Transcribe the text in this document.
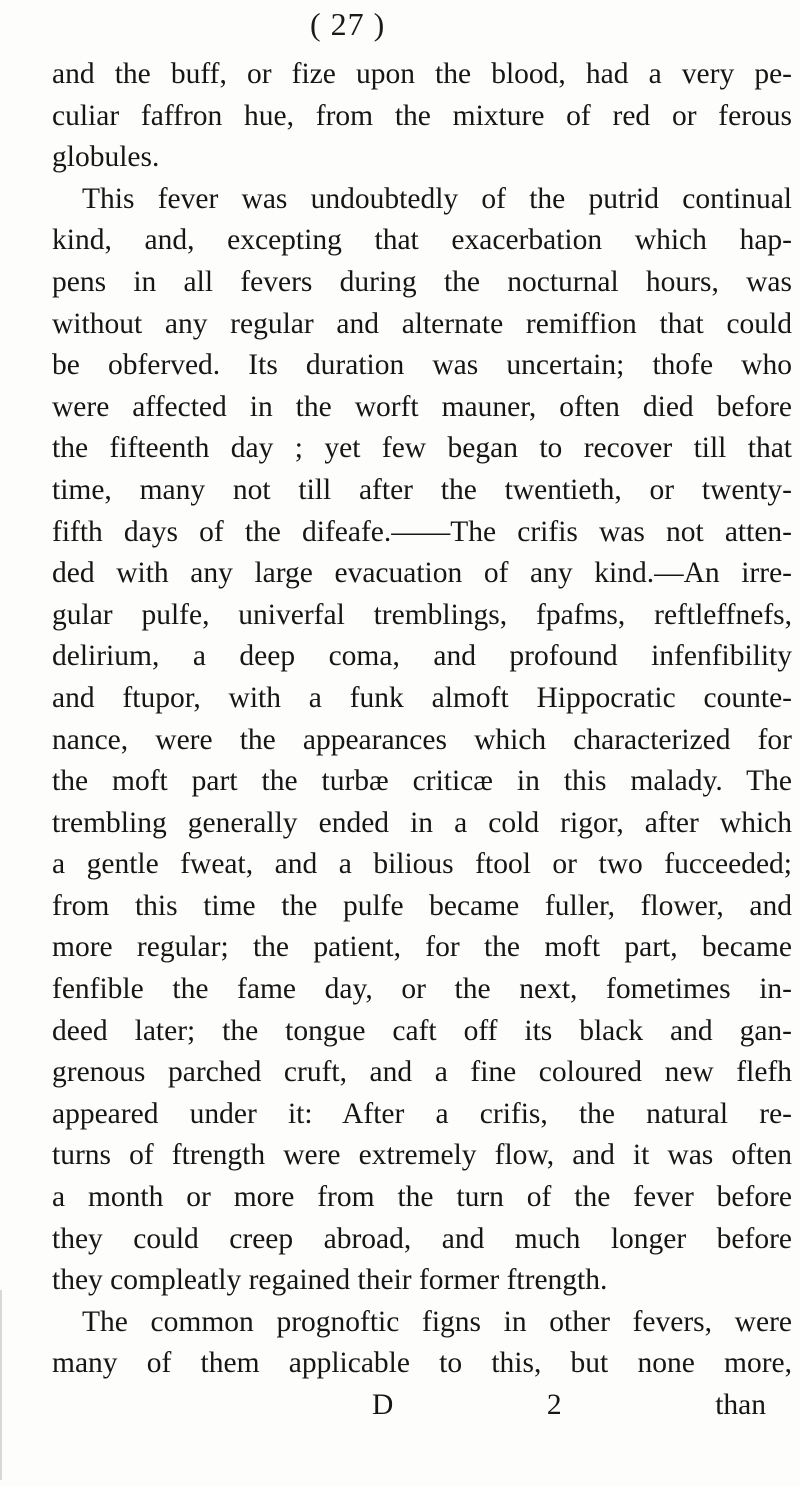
( 27 )
and the buff, or fize upon the blood, had a very pe-
culiar faffron hue, from the mixture of red or ferous
globules.
This fever was undoubtedly of the putrid continual
kind, and, excepting that exacerbation which hap-
pens in all fevers during the nocturnal hours, was
without any regular and alternate remiffion that could
be obferved. Its duration was uncertain; thofe who
were affected in the worft mauner, often died before
the fifteenth day ; yet few began to recover till that
time, many not till after the twentieth, or twenty-
fifth days of the difeafe.——The crifis was not atten-
ded with any large evacuation of any kind.—An irre-
gular pulfe, univerfal tremblings, fpafms, reftleffnefs,
delirium, a deep coma, and profound infenfibility
and ftupor, with a funk almoft Hippocratic counte-
nance, were the appearances which characterized for
the moft part the turbæ criticæ in this malady. The
trembling generally ended in a cold rigor, after which
a gentle fweat, and a bilious ftool or two fucceeded;
from this time the pulfe became fuller, flower, and
more regular; the patient, for the moft part, became
fenfible the fame day, or the next, fometimes in-
deed later; the tongue caft off its black and gan-
grenous parched cruft, and a fine coloured new flefh
appeared under it: After a crifis, the natural re-
turns of ftrength were extremely flow, and it was often
a month or more from the turn of the fever before
they could creep abroad, and much longer before
they compleatly regained their former ftrength.
The common prognoftic figns in other fevers, were
many of them applicable to this, but none more,
D 2	than
